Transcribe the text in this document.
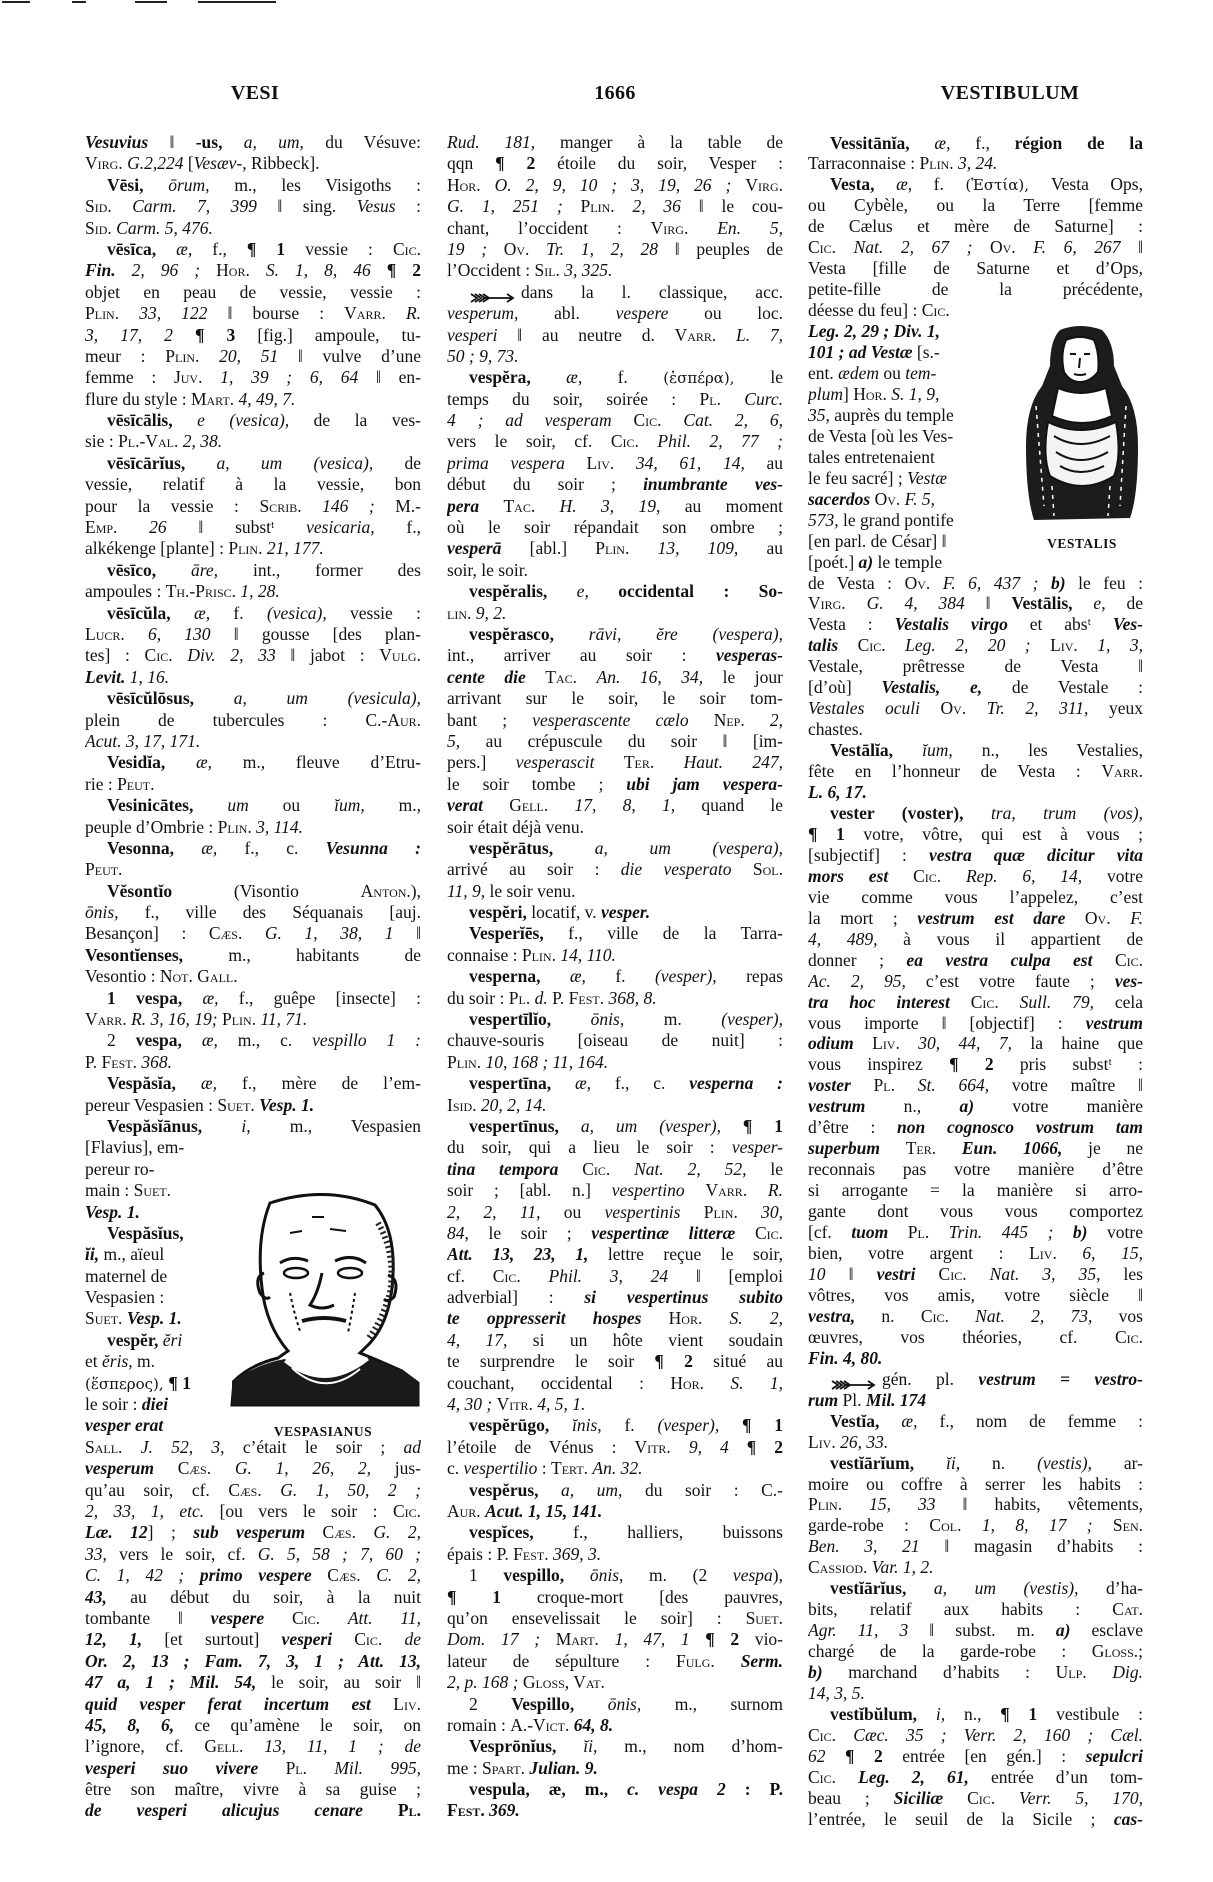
VESI	1666	VESTIBULUM
Vesuvius ‖ -us, a, um, du Vésuve:
Virg. G.2,224 [Vesæv-, Ribbeck].
Vēsi, ōrum, m., les Visigoths :
Sid. Carm. 7, 399 ‖ sing. Vesus :
Sid. Carm. 5, 476.
vēsīca, æ, f., ¶ 1 vessie : Cic.
Fin. 2, 96 ; Hor. S. 1, 8, 46 ¶ 2
objet en peau de vessie, vessie :
Plin. 33, 122 ‖ bourse : Varr. R.
3, 17, 2 ¶ 3 [fig.] ampoule, tu-
meur : Plin. 20, 51 ‖ vulve d’une
femme : Juv. 1, 39 ; 6, 64 ‖ en-
flure du style : Mart. 4, 49, 7.
vēsīcālis, e (vesica), de la ves-
sie : Pl.-Val. 2, 38.
vēsīcārĭus, a, um (vesica), de
vessie, relatif à la vessie, bon
pour la vessie : Scrib. 146 ; M.-
Emp. 26 ‖ substᵗ vesicaria, f.,
alkékenge [plante] : Plin. 21, 177.
vēsīco, āre, int., former des
ampoules : Th.-Prisc. 1, 28.
vēsīcŭla, æ, f. (vesica), vessie :
Lucr. 6, 130 ‖ gousse [des plan-
tes] : Cic. Div. 2, 33 ‖ jabot : Vulg.
Levit. 1, 16.
vēsīcŭlōsus, a, um (vesicula),
plein de tubercules : C.-Aur.
Acut. 3, 17, 171.
Vesidĭa, æ, m., fleuve d’Etru-
rie : Peut.
Vesinicātes, um ou ĭum, m.,
peuple d’Ombrie : Plin. 3, 114.
Vesonna, æ, f., c. Vesunna :
Peut.
Vĕsontĭo (Visontio Anton.),
ōnis, f., ville des Séquanais [auj.
Besançon] : Cæs. G. 1, 38, 1 ‖
Vesontĭenses, m., habitants de
Vesontio : Not. Gall.
1 vespa, æ, f., guêpe [insecte] :
Varr. R. 3, 16, 19; Plin. 11, 71.
2 vespa, æ, m., c. vespillo 1 :
P. Fest. 368.
Vespăsĭa, æ, f., mère de l’em-
pereur Vespasien : Suet. Vesp. 1.
Vespăsĭānus, i, m., Vespasien
[Flavius], em-
pereur ro-
main : Suet.
Vesp. 1.
Vespăsĭus,
ĭi, m., aïeul
maternel de
Vespasien :
Suet. Vesp. 1.
vespĕr, ĕri
et ĕris, m.
(ἕσπερος), ¶ 1
le soir : diei
vesper erat
Sall. J. 52, 3, c’était le soir ; ad
vesperum Cæs. G. 1, 26, 2, jus-
qu’au soir, cf. Cæs. G. 1, 50, 2 ;
2, 33, 1, etc. [ou vers le soir : Cic.
Læ. 12] ; sub vesperum Cæs. G. 2,
33, vers le soir, cf. G. 5, 58 ; 7, 60 ;
C. 1, 42 ; primo vespere Cæs. C. 2,
43, au début du soir, à la nuit
tombante ‖ vespere Cic. Att. 11,
12, 1, [et surtout] vesperi Cic. de
Or. 2, 13 ; Fam. 7, 3, 1 ; Att. 13,
47 a, 1 ; Mil. 54, le soir, au soir ‖
quid vesper ferat incertum est Liv.
45, 8, 6, ce qu’amène le soir, on
l’ignore, cf. Gell. 13, 11, 1 ; de
vesperi suo vivere Pl. Mil. 995,
être son maître, vivre à sa guise ;
de vesperi alicujus cenare Pl.
Rud. 181, manger à la table de
qqn ¶ 2 étoile du soir, Vesper :
Hor. O. 2, 9, 10 ; 3, 19, 26 ; Virg.
G. 1, 251 ; Plin. 2, 36 ‖ le cou-
chant, l’occident : Virg. En. 5,
19 ; Ov. Tr. 1, 2, 28 ‖ peuples de
l’Occident : Sil. 3, 325.
dans la l. classique, acc.
vesperum, abl. vespere ou loc.
vesperi ‖ au neutre d. Varr. L. 7,
50 ; 9, 73.
vespĕra, æ, f. (ἑσπέρα), le
temps du soir, soirée : Pl. Curc.
4 ; ad vesperam Cic. Cat. 2, 6,
vers le soir, cf. Cic. Phil. 2, 77 ;
prima vespera Liv. 34, 61, 14, au
début du soir ; inumbrante ves-
pera Tac. H. 3, 19, au moment
où le soir répandait son ombre ;
vesperā [abl.] Plin. 13, 109, au
soir, le soir.
vespĕralis, e, occidental : So-
lin. 9, 2.
vespĕrasco, rāvi, ĕre (vespera),
int., arriver au soir : vesperas-
cente die Tac. An. 16, 34, le jour
arrivant sur le soir, le soir tom-
bant ; vesperascente cælo Nep. 2,
5, au crépuscule du soir ‖ [im-
pers.] vesperascit Ter. Haut. 247,
le soir tombe ; ubi jam vespera-
verat Gell. 17, 8, 1, quand le
soir était déjà venu.
vespĕrātus, a, um (vespera),
arrivé au soir : die vesperato Sol.
11, 9, le soir venu.
vespĕri, locatif, v. vesper.
Vesperĭēs, f., ville de la Tarra-
connaise : Plin. 14, 110.
vesperna, æ, f. (vesper), repas
du soir : Pl. d. P. Fest. 368, 8.
vespertīlĭo, ōnis, m. (vesper),
chauve-souris [oiseau de nuit] :
Plin. 10, 168 ; 11, 164.
vespertīna, æ, f., c. vesperna :
Isid. 20, 2, 14.
vespertīnus, a, um (vesper), ¶ 1
du soir, qui a lieu le soir : vesper-
tina tempora Cic. Nat. 2, 52, le
soir ; [abl. n.] vespertino Varr. R.
2, 2, 11, ou vespertinis Plin. 30,
84, le soir ; vespertinæ litteræ Cic.
Att. 13, 23, 1, lettre reçue le soir,
cf. Cic. Phil. 3, 24 ‖ [emploi
adverbial] : si vespertinus subito
te oppresserit hospes Hor. S. 2,
4, 17, si un hôte vient soudain
te surprendre le soir ¶ 2 situé au
couchant, occidental : Hor. S. 1,
4, 30 ; Vitr. 4, 5, 1.
vespĕrūgo, ĭnis, f. (vesper), ¶ 1
l’étoile de Vénus : Vitr. 9, 4 ¶ 2
c. vespertilio : Tert. An. 32.
vespĕrus, a, um, du soir : C.-
Aur. Acut. 1, 15, 141.
vespĭces, f., halliers, buissons
épais : P. Fest. 369, 3.
1 vespillo, ōnis, m. (2 vespa),
¶ 1 croque-mort [des pauvres,
qu’on ensevelissait le soir] : Suet.
Dom. 17 ; Mart. 1, 47, 1 ¶ 2 vio-
lateur de sépulture : Fulg. Serm.
2, p. 168 ; Gloss, Vat.
2 Vespillo, ōnis, m., surnom
romain : A.-Vict. 64, 8.
Vesprōnĭus, ĭi, m., nom d’hom-
me : Spart. Julian. 9.
vespula, æ, m., c. vespa 2 : P.
Fest. 369.
Vessitānĭa, æ, f., région de la
Tarraconnaise : Plin. 3, 24.
Vesta, æ, f. (Ἑστία), Vesta Ops,
ou Cybèle, ou la Terre [femme
de Cælus et mère de Saturne] :
Cic. Nat. 2, 67 ; Ov. F. 6, 267 ‖
Vesta [fille de Saturne et d’Ops,
petite-fille de la précédente,
déesse du feu] : Cic.
Leg. 2, 29 ; Div. 1,
101 ; ad Vestæ [s.-
ent. ædem ou tem-
plum] Hor. S. 1, 9,
35, auprès du temple
de Vesta [où les Ves-
tales entretenaient
le feu sacré] ; Vestæ
sacerdos Ov. F. 5,
573, le grand pontife
[en parl. de César] ‖
[poét.] a) le temple
de Vesta : Ov. F. 6, 437 ; b) le feu :
Virg. G. 4, 384 ‖ Vestālis, e, de
Vesta : Vestalis virgo et absᵗ Ves-
talis Cic. Leg. 2, 20 ; Liv. 1, 3,
Vestale, prêtresse de Vesta ‖
[d’où] Vestalis, e, de Vestale :
Vestales oculi Ov. Tr. 2, 311, yeux
chastes.
Vestālĭa, ĭum, n., les Vestalies,
fête en l’honneur de Vesta : Varr.
L. 6, 17.
vester (voster), tra, trum (vos),
¶ 1 votre, vôtre, qui est à vous ;
[subjectif] : vestra quæ dicitur vita
mors est Cic. Rep. 6, 14, votre
vie comme vous l’appelez, c’est
la mort ; vestrum est dare Ov. F.
4, 489, à vous il appartient de
donner ; ea vestra culpa est Cic.
Ac. 2, 95, c’est votre faute ; ves-
tra hoc interest Cic. Sull. 79, cela
vous importe ‖ [objectif] : vestrum
odium Liv. 30, 44, 7, la haine que
vous inspirez ¶ 2 pris substᵗ :
voster Pl. St. 664, votre maître ‖
vestrum n., a) votre manière
d’être : non cognosco vostrum tam
superbum Ter. Eun. 1066, je ne
reconnais pas votre manière d’être
si arrogante = la manière si arro-
gante dont vous vous comportez
[cf. tuom Pl. Trin. 445 ; b) votre
bien, votre argent : Liv. 6, 15,
10 ‖ vestri Cic. Nat. 3, 35, les
vôtres, vos amis, votre siècle ‖
vestra, n. Cic. Nat. 2, 73, vos
œuvres, vos théories, cf. Cic.
Fin. 4, 80.
gén. pl. vestrum = vestro-
rum Pl. Mil. 174
Vestĭa, æ, f., nom de femme :
Liv. 26, 33.
vestĭārĭum, ĭi, n. (vestis), ar-
moire ou coffre à serrer les habits :
Plin. 15, 33 ‖ habits, vêtements,
garde-robe : Col. 1, 8, 17 ; Sen.
Ben. 3, 21 ‖ magasin d’habits :
Cassiod. Var. 1, 2.
vestĭārĭus, a, um (vestis), d’ha-
bits, relatif aux habits : Cat.
Agr. 11, 3 ‖ subst. m. a) esclave
chargé de la garde-robe : Gloss.;
b) marchand d’habits : Ulp. Dig.
14, 3, 5.
vestĭbŭlum, i, n., ¶ 1 vestibule :
Cic. Cæc. 35 ; Verr. 2, 160 ; Cæl.
62 ¶ 2 entrée [en gén.] : sepulcri
Cic. Leg. 2, 61, entrée d’un tom-
beau ; Siciliæ Cic. Verr. 5, 170,
l’entrée, le seuil de la Sicile ; cas-
VESPASIANUS
VESTALIS
